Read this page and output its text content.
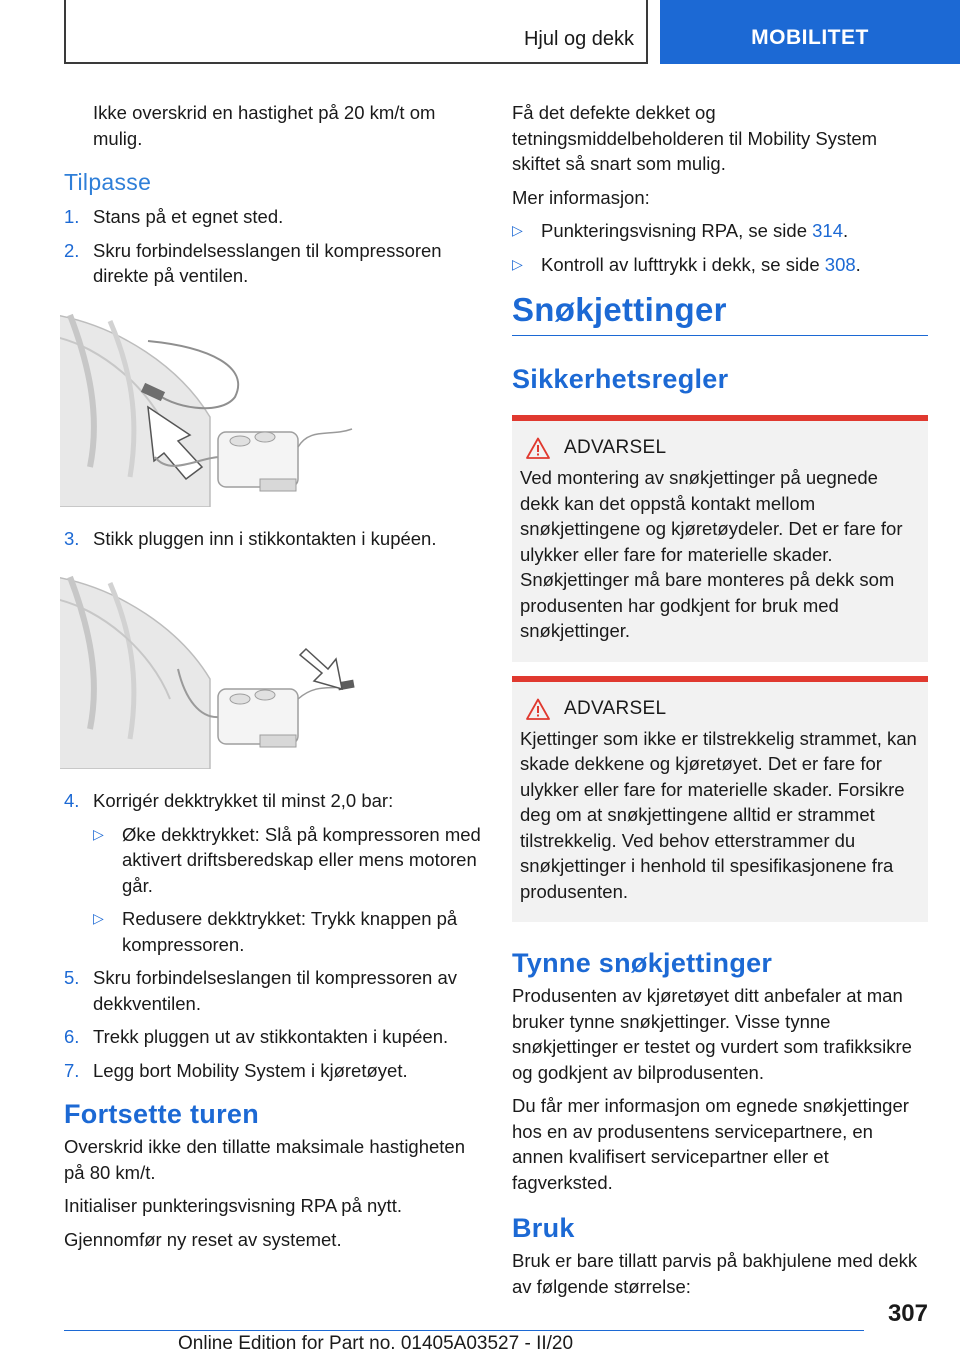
Hjul og dekk	MOBILITET

Ikke overskrid en hastighet på 20 km/t om mulig.

Tilpasse
1. Stans på et egnet sted.
2. Skru forbindelsesslangen til kompressoren direkte på ventilen.
3. Stikk pluggen inn i stikkontakten i kupéen.
4. Korrigér dekktrykket til minst 2,0 bar:
▷ Øke dekktrykket: Slå på kompressoren med aktivert driftsberedskap eller mens motoren går.
▷ Redusere dekktrykket: Trykk knappen på kompressoren.
5. Skru forbindelseslangen til kompressoren av dekkventilen.
6. Trekk pluggen ut av stikkontakten i kupéen.
7. Legg bort Mobility System i kjøretøyet.
Fortsette turen

Overskrid ikke den tillatte maksimale hastigheten på 80 km/t.

Initialiser punkteringsvisning RPA på nytt.

Gjennomfør ny reset av systemet.

Få det defekte dekket og tetningsmiddelbeholderen til Mobility System skiftet så snart som mulig.

Mer informasjon:

▷ Punkteringsvisning RPA, se side 314.
▷ Kontroll av lufttrykk i dekk, se side 308.
Snøkjettinger
Sikkerhetsregler
ADVARSEL

Ved montering av snøkjettinger på uegnede dekk kan det oppstå kontakt mellom snøkjettingene og kjøretøydeler. Det er fare for ulykker eller fare for materielle skader. Snøkjettinger må bare monteres på dekk som produsenten har godkjent for bruk med snøkjettinger.

ADVARSEL

Kjettinger som ikke er tilstrekkelig strammet, kan skade dekkene og kjøretøyet. Det er fare for ulykker eller fare for materielle skader. Forsikre deg om at snøkjettingene alltid er strammet tilstrekkelig. Ved behov etterstrammer du snøkjettinger i henhold til spesifikasjonene fra produsenten.

Tynne snøkjettinger

Produsenten av kjøretøyet ditt anbefaler at man bruker tynne snøkjettinger. Visse tynne snøkjettinger er testet og vurdert som trafikksikre og godkjent av bilprodusenten.

Du får mer informasjon om egnede snøkjettinger hos en av produsentens servicepartnere, en annen kvalifisert servicepartner eller et fagverksted.

Bruk

Bruk er bare tillatt parvis på bakhjulene med dekk av følgende størrelse:

307
Online Edition for Part no. 01405A03527 - II/20
